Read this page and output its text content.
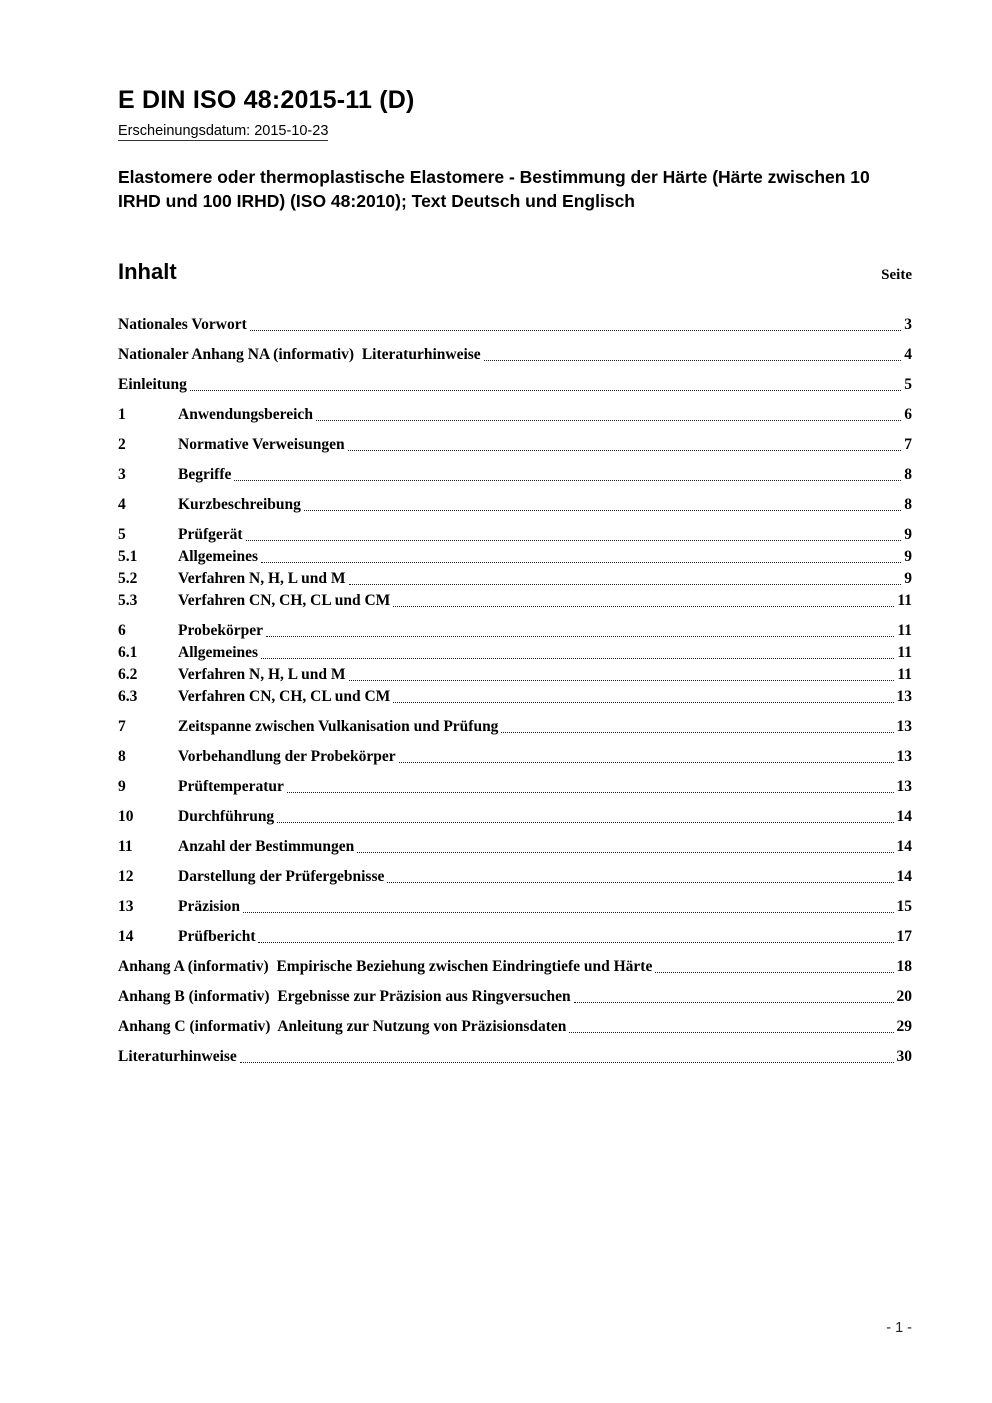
E DIN ISO 48:2015-11 (D)
Erscheinungsdatum: 2015-10-23
Elastomere oder thermoplastische Elastomere - Bestimmung der Härte (Härte zwischen 10 IRHD und 100 IRHD) (ISO 48:2010); Text Deutsch und Englisch
Inhalt	Seite
Nationales Vorwort	3
Nationaler Anhang NA (informativ)  Literaturhinweise	4
Einleitung	5
1	Anwendungsbereich	6
2	Normative Verweisungen	7
3	Begriffe	8
4	Kurzbeschreibung	8
5	Prüfgerät	9
5.1	Allgemeines	9
5.2	Verfahren N, H, L und M	9
5.3	Verfahren CN, CH, CL und CM	11
6	Probekörper	11
6.1	Allgemeines	11
6.2	Verfahren N, H, L und M	11
6.3	Verfahren CN, CH, CL und CM	13
7	Zeitspanne zwischen Vulkanisation und Prüfung	13
8	Vorbehandlung der Probekörper	13
9	Prüftemperatur	13
10	Durchführung	14
11	Anzahl der Bestimmungen	14
12	Darstellung der Prüfergebnisse	14
13	Präzision	15
14	Prüfbericht	17
Anhang A (informativ)  Empirische Beziehung zwischen Eindringtiefe und Härte	18
Anhang B (informativ)  Ergebnisse zur Präzision aus Ringversuchen	20
Anhang C (informativ)  Anleitung zur Nutzung von Präzisionsdaten	29
Literaturhinweise	30
- 1 -
